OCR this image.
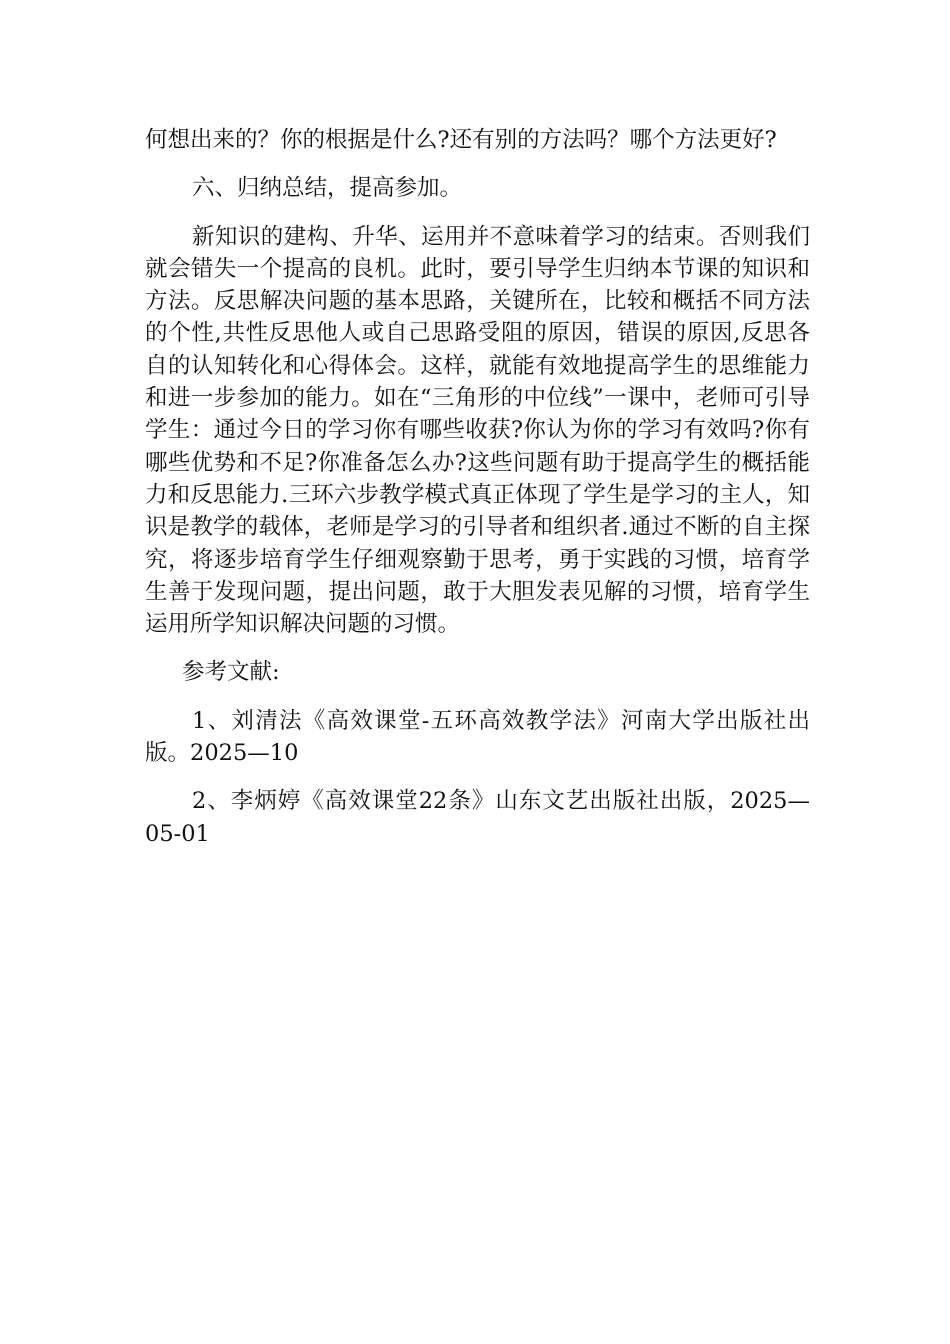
何想出来的？你的根据是什么?还有别的方法吗？哪个方法更好?

六、归纳总结，提高参加。

新知识的建构、升华、运用并不意味着学习的结束。否则我们就会错失一个提高的良机。此时，要引导学生归纳本节课的知识和方法。反思解决问题的基本思路，关键所在，比较和概括不同方法的个性,共性反思他人或自己思路受阻的原因，错误的原因,反思各自的认知转化和心得体会。这样，就能有效地提高学生的思维能力和进一步参加的能力。如在“三角形的中位线”一课中，老师可引导学生：通过今日的学习你有哪些收获?你认为你的学习有效吗?你有哪些优势和不足?你准备怎么办?这些问题有助于提高学生的概括能力和反思能力.三环六步教学模式真正体现了学生是学习的主人，知识是教学的载体，老师是学习的引导者和组织者.通过不断的自主探究，将逐步培育学生仔细观察勤于思考，勇于实践的习惯，培育学生善于发现问题，提出问题，敢于大胆发表见解的习惯，培育学生运用所学知识解决问题的习惯。

参考文献:

1、刘清法《高效课堂-五环高效教学法》河南大学出版社出版。2025—10

2、李炳婷《高效课堂22条》山东文艺出版社出版，2025—05-01
